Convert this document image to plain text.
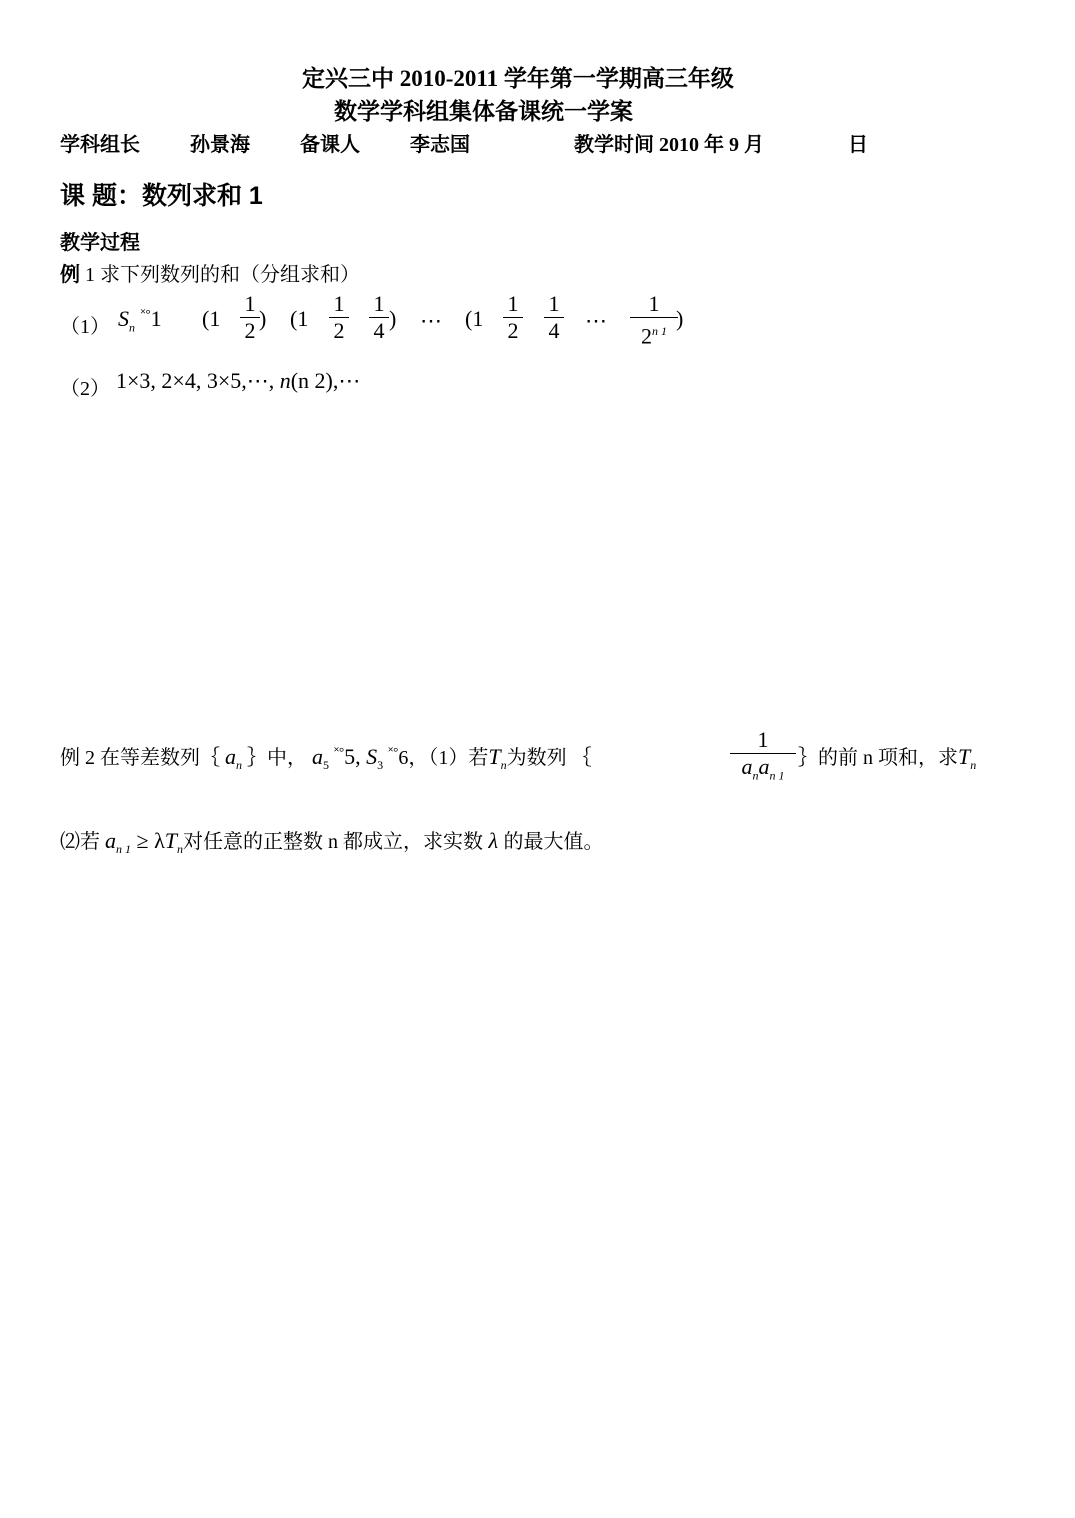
定兴三中 2010-2011 学年第一学期高三年级
数学学科组集体备课统一学案
学科组长	孙景海	备课人	李志国	教学时间 2010 年 9 月	日
课 题：数列求和 1
教学过程
例 1 求下列数列的和（分组求和）
（1） $S_n$ ˟°1 (1
1
2 ) (1
1
2
1
4 ) ⋯ (1
1
2
1
4 ⋯
1
$2^{n 1}$ )
（2） 1×3, 2×4, 3×5,⋯, n(n 2),⋯
例 2 在等差数列｛ $a_n$ ｝中， $a_5$ ˟°5, $S_3$ ˟°6，（1）若$T_n$为数列 ｛
1
$a_na_{n 1}$
｝的前 n 项和，求$T_n$
⑵若 $a_{n 1} \ge \lambda T_n$对任意的正整数 n 都成立，求实数 λ 的最大值。
